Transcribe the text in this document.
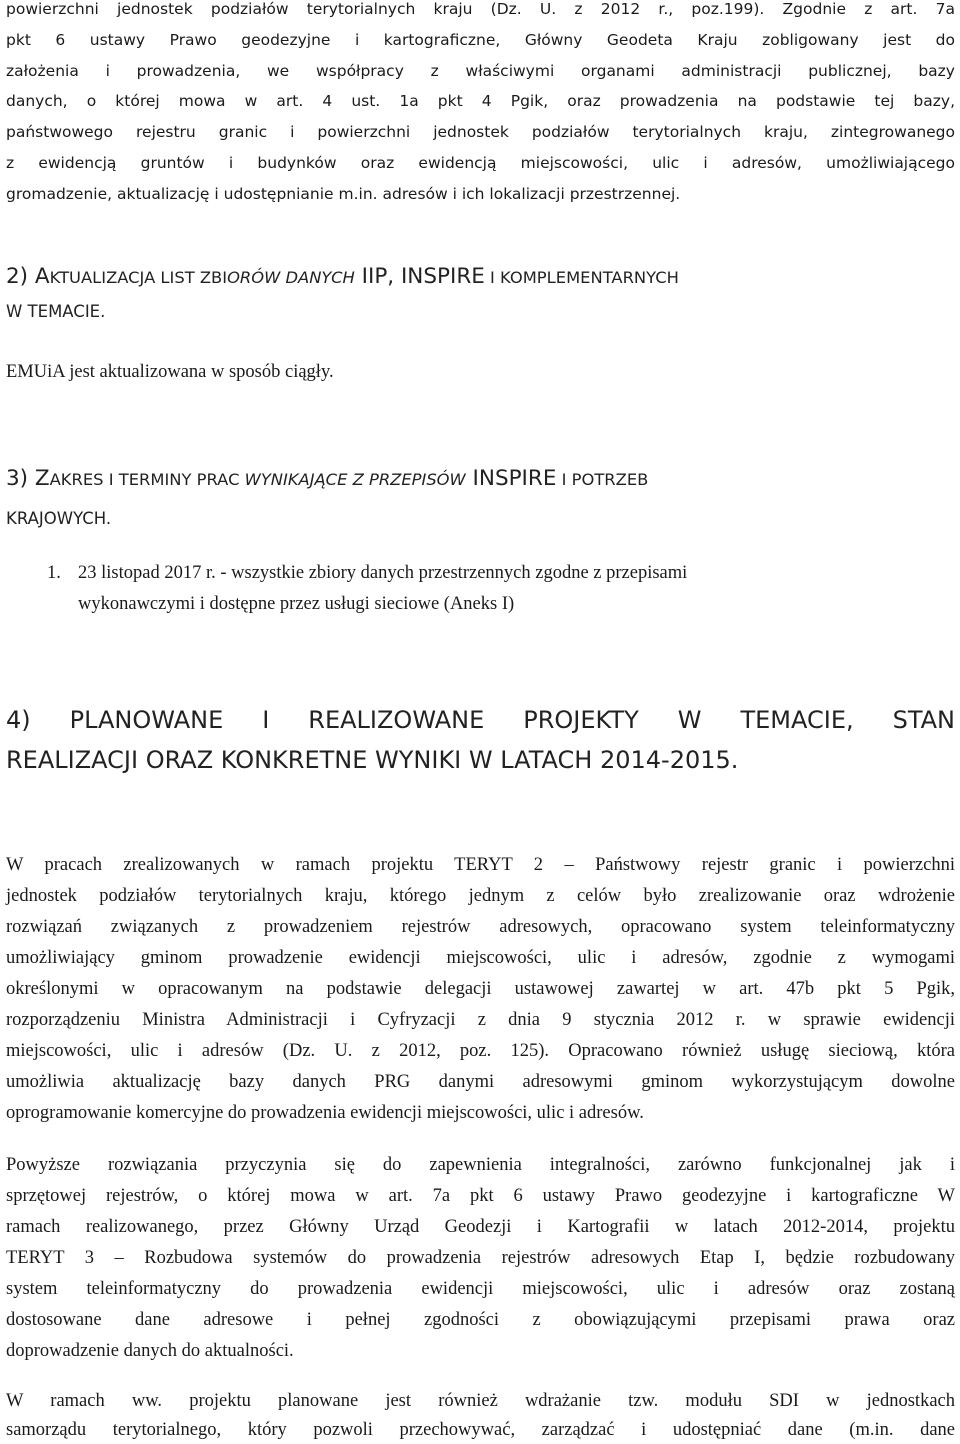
powierzchni jednostek podziałów terytorialnych kraju (Dz. U. z 2012 r., poz.199). Zgodnie z art. 7a
pkt 6 ustawy Prawo geodezyjne i kartograficzne, Główny Geodeta Kraju zobligowany jest do
założenia i prowadzenia, we współpracy z właściwymi organami administracji publicznej, bazy
danych, o której mowa w art. 4 ust. 1a pkt 4 Pgik, oraz prowadzenia na podstawie tej bazy,
państwowego rejestru granic i powierzchni jednostek podziałów terytorialnych kraju, zintegrowanego
z ewidencją gruntów i budynków oraz ewidencją miejscowości, ulic i adresów, umożliwiającego
gromadzenie, aktualizację i udostępnianie m.in. adresów i ich lokalizacji przestrzennej.
2) AKTUALIZACJA LIST ZBIORÓW DANYCH IIP, INSPIRE I KOMPLEMENTARNYCH
W TEMACIE.
EMUiA jest aktualizowana w sposób ciągły.
3) ZAKRES I TERMINY PRAC WYNIKAJĄCE Z PRZEPISÓW INSPIRE I POTRZEB
KRAJOWYCH.
1. 23 listopad 2017 r. - wszystkie zbiory danych przestrzennych zgodne z przepisami
wykonawczymi i dostępne przez usługi sieciowe (Aneks I)
4) PLANOWANE I REALIZOWANE PROJEKTY W TEMACIE, STAN
REALIZACJI ORAZ KONKRETNE WYNIKI W LATACH 2014-2015.
W pracach zrealizowanych w ramach projektu TERYT 2 – Państwowy rejestr granic i powierzchni
jednostek podziałów terytorialnych kraju, którego jednym z celów było zrealizowanie oraz wdrożenie
rozwiązań związanych z prowadzeniem rejestrów adresowych, opracowano system teleinformatyczny
umożliwiający gminom prowadzenie ewidencji miejscowości, ulic i adresów, zgodnie z wymogami
określonymi w opracowanym na podstawie delegacji ustawowej zawartej w art. 47b pkt 5 Pgik,
rozporządzeniu Ministra Administracji i Cyfryzacji z dnia 9 stycznia 2012 r. w sprawie ewidencji
miejscowości, ulic i adresów (Dz. U. z 2012, poz. 125). Opracowano również usługę sieciową, która
umożliwia aktualizację bazy danych PRG danymi adresowymi gminom wykorzystującym dowolne
oprogramowanie komercyjne do prowadzenia ewidencji miejscowości, ulic i adresów.
Powyższe rozwiązania przyczynia się do zapewnienia integralności, zarówno funkcjonalnej jak i
sprzętowej rejestrów, o której mowa w art. 7a pkt 6 ustawy Prawo geodezyjne i kartograficzne W
ramach realizowanego, przez Główny Urząd Geodezji i Kartografii w latach 2012-2014, projektu
TERYT 3 – Rozbudowa systemów do prowadzenia rejestrów adresowych Etap I, będzie rozbudowany
system teleinformatyczny do prowadzenia ewidencji miejscowości, ulic i adresów oraz zostaną
dostosowane dane adresowe i pełnej zgodności z obowiązującymi przepisami prawa oraz
doprowadzenie danych do aktualności.
W ramach ww. projektu planowane jest również wdrażanie tzw. modułu SDI w jednostkach
samorządu terytorialnego, który pozwoli przechowywać, zarządzać i udostępniać dane (m.in. dane
